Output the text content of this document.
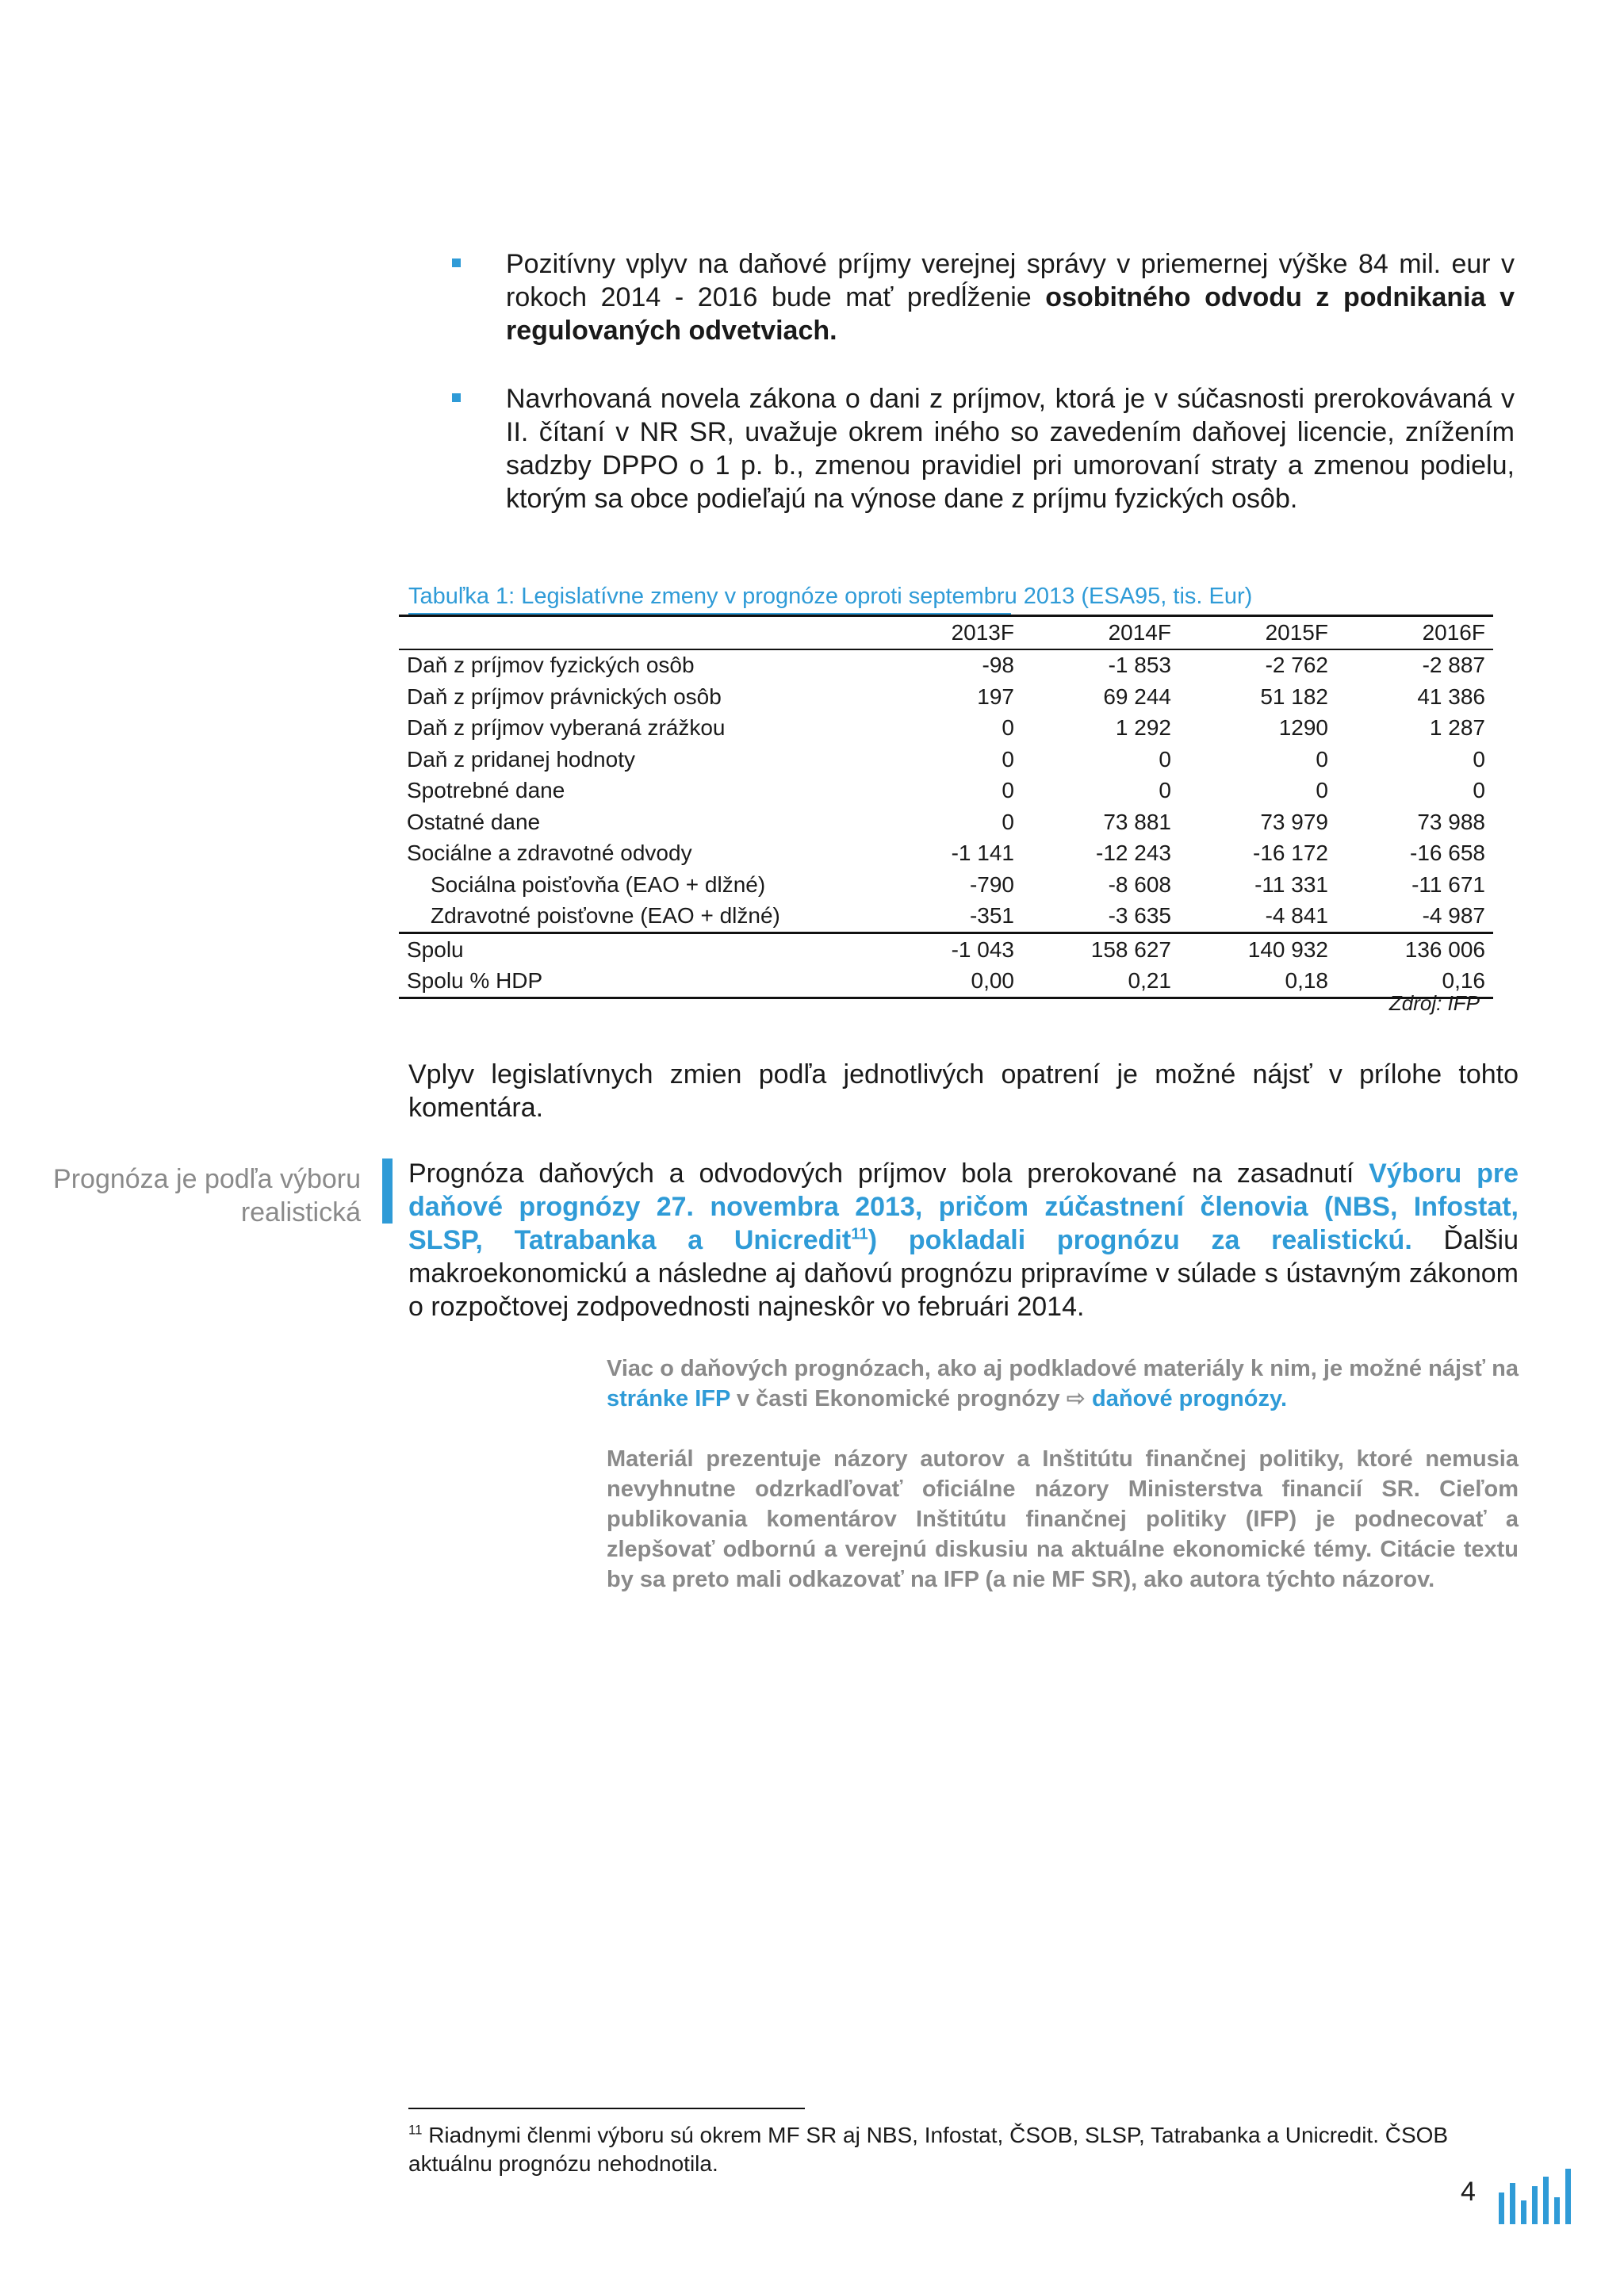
Pozitívny vplyv na daňové príjmy verejnej správy v priemernej výške 84 mil. eur v rokoch 2014 - 2016 bude mať predĺženie osobitného odvodu z podnikania v regulovaných odvetviach.
Navrhovaná novela zákona o dani z príjmov, ktorá je v súčasnosti prerokovávaná v II. čítaní v NR SR, uvažuje okrem iného so zavedením daňovej licencie, znížením sadzby DPPO o 1 p. b., zmenou pravidiel pri umorovaní straty a zmenou podielu, ktorým sa obce podieľajú na výnose dane z príjmu fyzických osôb.
Tabuľka 1: Legislatívne zmeny v prognóze oproti septembru 2013 (ESA95, tis. Eur)
	2013F	2014F	2015F	2016F
Daň z príjmov fyzických osôb	-98	-1 853	-2 762	-2 887
Daň z príjmov právnických osôb	197	69 244	51 182	41 386
Daň z príjmov vyberaná zrážkou	0	1 292	1290	1 287
Daň z pridanej hodnoty	0	0	0	0
Spotrebné dane	0	0	0	0
Ostatné dane	0	73 881	73 979	73 988
Sociálne a zdravotné odvody	-1 141	-12 243	-16 172	-16 658
Sociálna poisťovňa (EAO + dlžné)	-790	-8 608	-11 331	-11 671
Zdravotné poisťovne (EAO + dlžné)	-351	-3 635	-4 841	-4 987
Spolu	-1 043	158 627	140 932	136 006
Spolu % HDP	0,00	0,21	0,18	0,16
Zdroj: IFP
Vplyv legislatívnych zmien podľa jednotlivých opatrení je možné nájsť v prílohe tohto komentára.
Prognóza je podľa výboru
realistická
Prognóza daňových a odvodových príjmov bola prerokované na zasadnutí Výboru pre daňové prognózy 27. novembra 2013, pričom zúčastnení členovia (NBS, Infostat, SLSP, Tatrabanka a Unicredit$^{11}$) pokladali prognózu za realistickú. Ďalšiu makroekonomickú a následne aj daňovú prognózu pripravíme v súlade s ústavným zákonom o rozpočtovej zodpovednosti najneskôr vo februári 2014.
Viac o daňových prognózach, ako aj podkladové materiály k nim, je možné nájsť na stránke IFP v časti Ekonomické prognózy ⇨ daňové prognózy.
Materiál prezentuje názory autorov a Inštitútu finančnej politiky, ktoré nemusia nevyhnutne odzrkadľovať oficiálne názory Ministerstva financií SR. Cieľom publikovania komentárov Inštitútu finančnej politiky (IFP) je podnecovať a zlepšovať odbornú a verejnú diskusiu na aktuálne ekonomické témy. Citácie textu by sa preto mali odkazovať na IFP (a nie MF SR), ako autora týchto názorov.
$^{11}$ Riadnymi členmi výboru sú okrem MF SR aj NBS, Infostat, ČSOB, SLSP, Tatrabanka a Unicredit. ČSOB aktuálnu prognózu nehodnotila.
4
